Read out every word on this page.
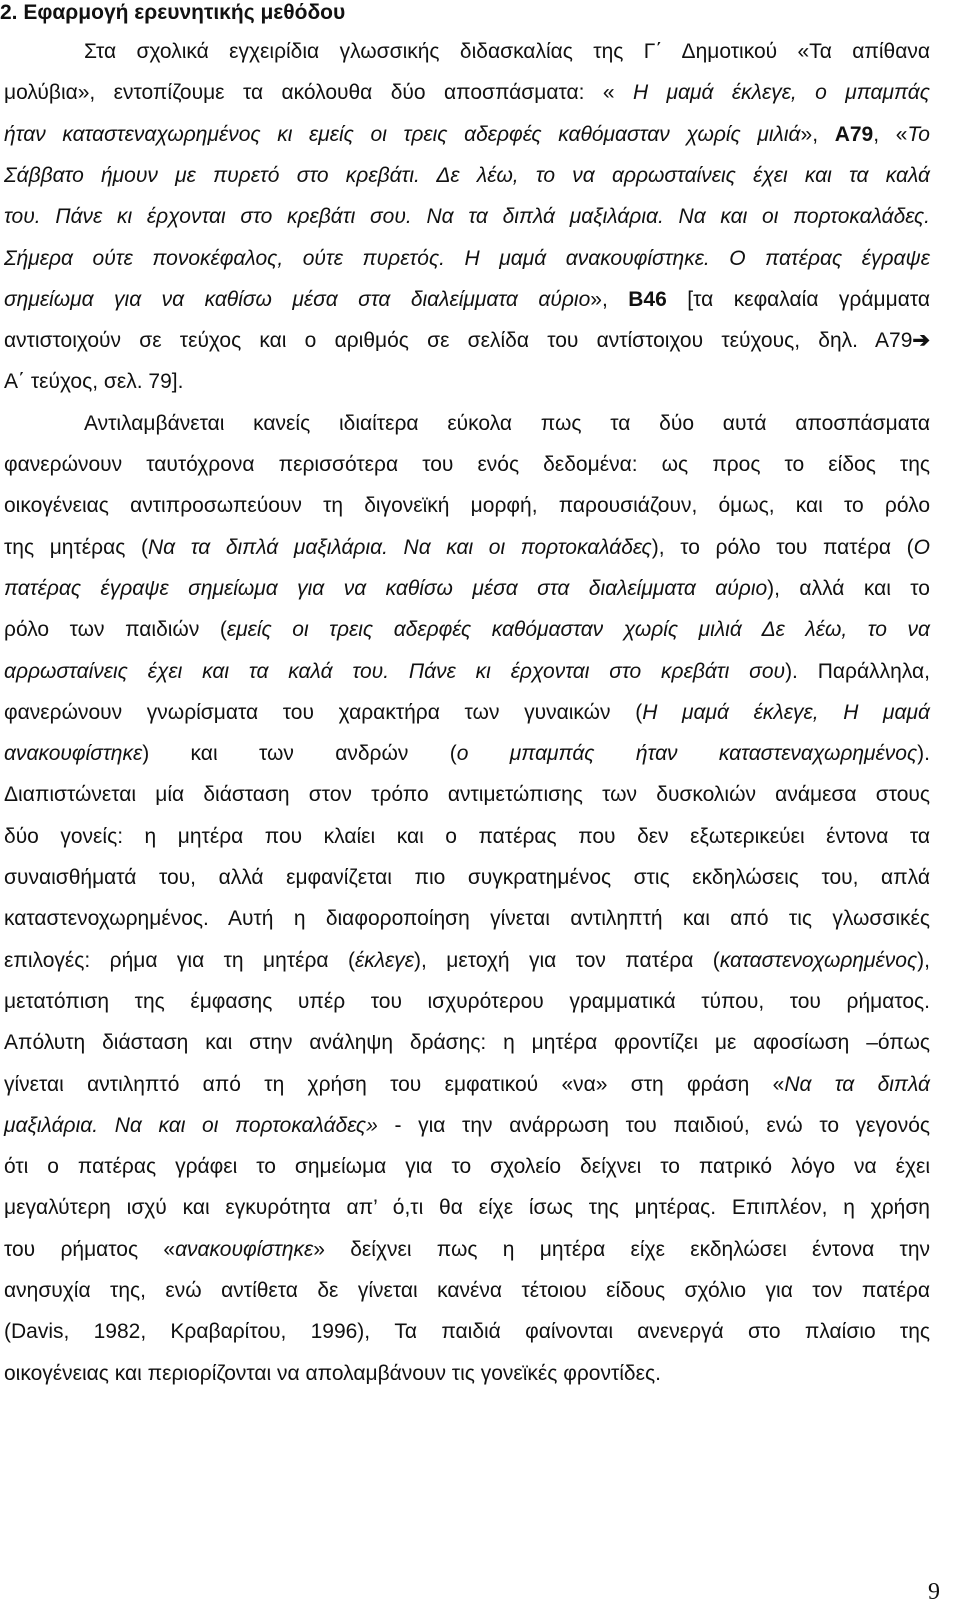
2. Εφαρμογή ερευνητικής μεθόδου
Στα σχολικά εγχειρίδια γλωσσικής διδασκαλίας της Γ΄ Δημοτικού «Τα απίθανα
μολύβια», εντοπίζουμε τα ακόλουθα δύο αποσπάσματα: « Η μαμά έκλεγε, ο μπαμπάς
ήταν καταστεναχωρημένος κι εμείς οι τρεις αδερφές καθόμασταν χωρίς μιλιά», Α79, «Το
Σάββατο ήμουν με πυρετό στο κρεβάτι. Δε λέω, το να αρρωσταίνεις έχει και τα καλά
του. Πάνε κι έρχονται στο κρεβάτι σου. Να τα διπλά μαξιλάρια. Να και οι πορτοκαλάδες.
Σήμερα ούτε πονοκέφαλος, ούτε πυρετός. Η μαμά ανακουφίστηκε. Ο πατέρας έγραψε
σημείωμα για να καθίσω μέσα στα διαλείμματα αύριο», Β46 [τα κεφαλαία γράμματα
αντιστοιχούν σε τεύχος και ο αριθμός σε σελίδα του αντίστοιχου τεύχους, δηλ. Α79➔
Α΄ τεύχος, σελ. 79].
Αντιλαμβάνεται κανείς ιδιαίτερα εύκολα πως τα δύο αυτά αποσπάσματα
φανερώνουν ταυτόχρονα περισσότερα του ενός δεδομένα: ως προς το είδος της
οικογένειας αντιπροσωπεύουν τη διγονεϊκή μορφή, παρουσιάζουν, όμως, και το ρόλο
της μητέρας (Να τα διπλά μαξιλάρια. Να και οι πορτοκαλάδες), το ρόλο του πατέρα (Ο
πατέρας έγραψε σημείωμα για να καθίσω μέσα στα διαλείμματα αύριο), αλλά και το
ρόλο των παιδιών (εμείς οι τρεις αδερφές καθόμασταν χωρίς μιλιά Δε λέω, το να
αρρωσταίνεις έχει και τα καλά του. Πάνε κι έρχονται στο κρεβάτι σου). Παράλληλα,
φανερώνουν γνωρίσματα του χαρακτήρα των γυναικών (Η μαμά έκλεγε, Η μαμά
ανακουφίστηκε) και των ανδρών (ο μπαμπάς ήταν καταστεναχωρημένος).
Διαπιστώνεται μία διάσταση στον τρόπο αντιμετώπισης των δυσκολιών ανάμεσα στους
δύο γονείς: η μητέρα που κλαίει και ο πατέρας που δεν εξωτερικεύει έντονα τα
συναισθήματά του, αλλά εμφανίζεται πιο συγκρατημένος στις εκδηλώσεις του, απλά
καταστενοχωρημένος. Αυτή η διαφοροποίηση γίνεται αντιληπτή και από τις γλωσσικές
επιλογές: ρήμα για τη μητέρα (έκλεγε), μετοχή για τον πατέρα (καταστενοχωρημένος),
μετατόπιση της έμφασης υπέρ του ισχυρότερου γραμματικά τύπου, του ρήματος.
Απόλυτη διάσταση και στην ανάληψη δράσης: η μητέρα φροντίζει με αφοσίωση –όπως
γίνεται αντιληπτό από τη χρήση του εμφατικού «να» στη φράση «Να τα διπλά
μαξιλάρια. Να και οι πορτοκαλάδες» - για την ανάρρωση του παιδιού, ενώ το γεγονός
ότι ο πατέρας γράφει το σημείωμα για το σχολείο δείχνει το πατρικό λόγο να έχει
μεγαλύτερη ισχύ και εγκυρότητα απ’ ό,τι θα είχε ίσως της μητέρας. Επιπλέον, η χρήση
του ρήματος «ανακουφίστηκε» δείχνει πως η μητέρα είχε εκδηλώσει έντονα την
ανησυχία της, ενώ αντίθετα δε γίνεται κανένα τέτοιου είδους σχόλιο για τον πατέρα
(Davis, 1982, Κραβαρίτου, 1996), Τα παιδιά φαίνονται ανενεργά στο πλαίσιο της
οικογένειας και περιορίζονται να απολαμβάνουν τις γονεϊκές φροντίδες.
9
